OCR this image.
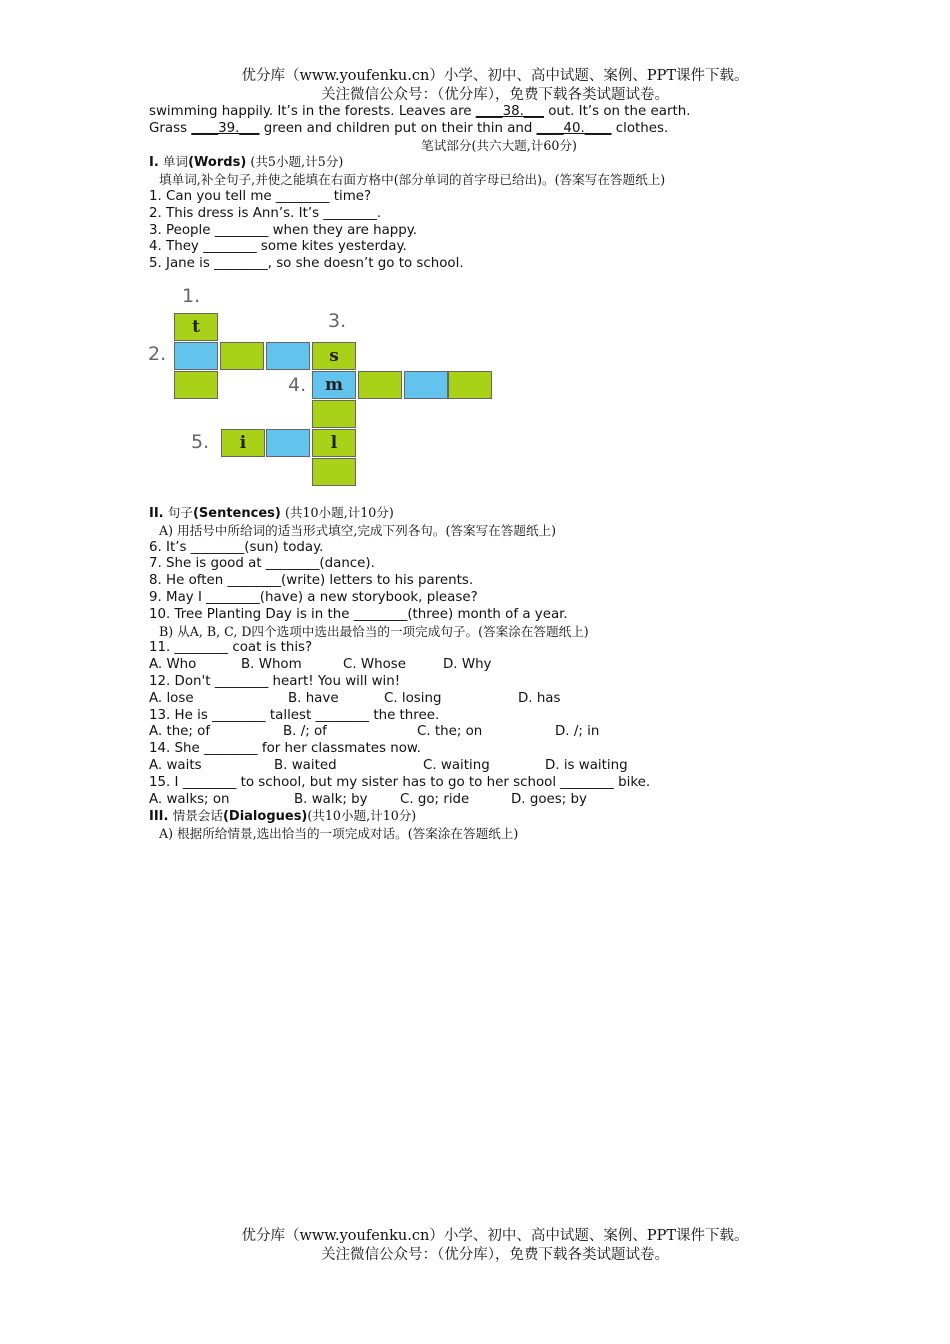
优分库（www.youfenku.cn）小学、初中、高中试题、案例、PPT课件下载。
关注微信公众号：（优分库），免费下载各类试题试卷。
swimming happily. It’s in the forests. Leaves are ____38.___ out. It’s on the earth.
Grass ____39.___ green and children put on their thin and ____40.____ clothes.
笔试部分(共六大题,计60分)
I. 单词(Words) (共5小题,计5分)
填单词,补全句子,并使之能填在右面方格中(部分单词的首字母已给出)。(答案写在答题纸上)
1. Can you tell me ________ time?
2. This dress is Ann’s. It’s ________.
3. People ________ when they are happy.
4. They ________ some kites yesterday.
5. Jane is ________, so she doesn’t go to school.
II. 句子(Sentences) (共10小题,计10分)
A) 用括号中所给词的适当形式填空,完成下列各句。(答案写在答题纸上)
6. It’s ________(sun) today.
7. She is good at ________(dance).
8. He often ________(write) letters to his parents.
9. May I ________(have) a new storybook, please?
10. Tree Planting Day is in the ________(three) month of a year.
B) 从A, B, C, D四个选项中选出最恰当的一项完成句子。(答案涂在答题纸上)
11. ________ coat is this?
A. Who	B. Whom	C. Whose	D. Why
12. Don't ________ heart! You will win!
A. lose	B. have	C. losing	D. has
13. He is ________ tallest ________ the three.
A. the; of	B. /; of	C. the; on	D. /; in
14. She ________ for her classmates now.
A. waits	B. waited	C. waiting	D. is waiting
15. I ________ to school, but my sister has to go to her school ________ bike.
A. walks; on	B. walk; by	C. go; ride	D. goes; by
III. 情景会话(Dialogues)(共10小题,计10分)
A) 根据所给情景,选出恰当的一项完成对话。(答案涂在答题纸上)
1.
2.
3.
4.
5.
t
s
m
i	l
优分库（www.youfenku.cn）小学、初中、高中试题、案例、PPT课件下载。
关注微信公众号：（优分库），免费下载各类试题试卷。
